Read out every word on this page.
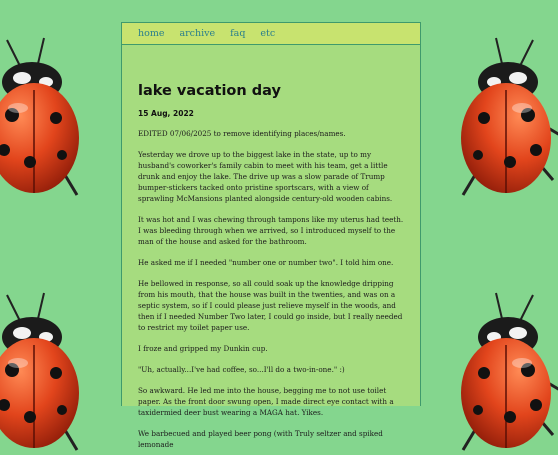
home archive faq etc
lake vacation day
15 Aug, 2022

EDITED 07/06/2025 to remove identifying places/names.

Yesterday we drove up to the biggest lake in the state, up to my husband's coworker's family cabin to meet with his team, get a little drunk and enjoy the lake. The drive up was a slow parade of Trump bumper-stickers tacked onto pristine sportscars, with a view of sprawling McMansions planted alongside century-old wooden cabins.

It was hot and I was chewing through tampons like my uterus had teeth. I was bleeding through when we arrived, so I introduced myself to the man of the house and asked for the bathroom.

He asked me if I needed "number one or number two". I told him one.

He bellowed in response, so all could soak up the knowledge dripping from his mouth, that the house was built in the twenties, and was on a septic system, so if I could please just relieve myself in the woods, and then if I needed Number Two later, I could go inside, but I really needed to restrict my toilet paper use.

I froze and gripped my Dunkin cup.

"Uh, actually...I've had coffee, so...I'll do a two-in-one." :)

So awkward. He led me into the house, begging me to not use toilet paper. As the front door swung open, I made direct eye contact with a taxidermied deer bust wearing a MAGA hat. Yikes.

We barbecued and played beer pong (with Truly seltzer and spiked lemonade
